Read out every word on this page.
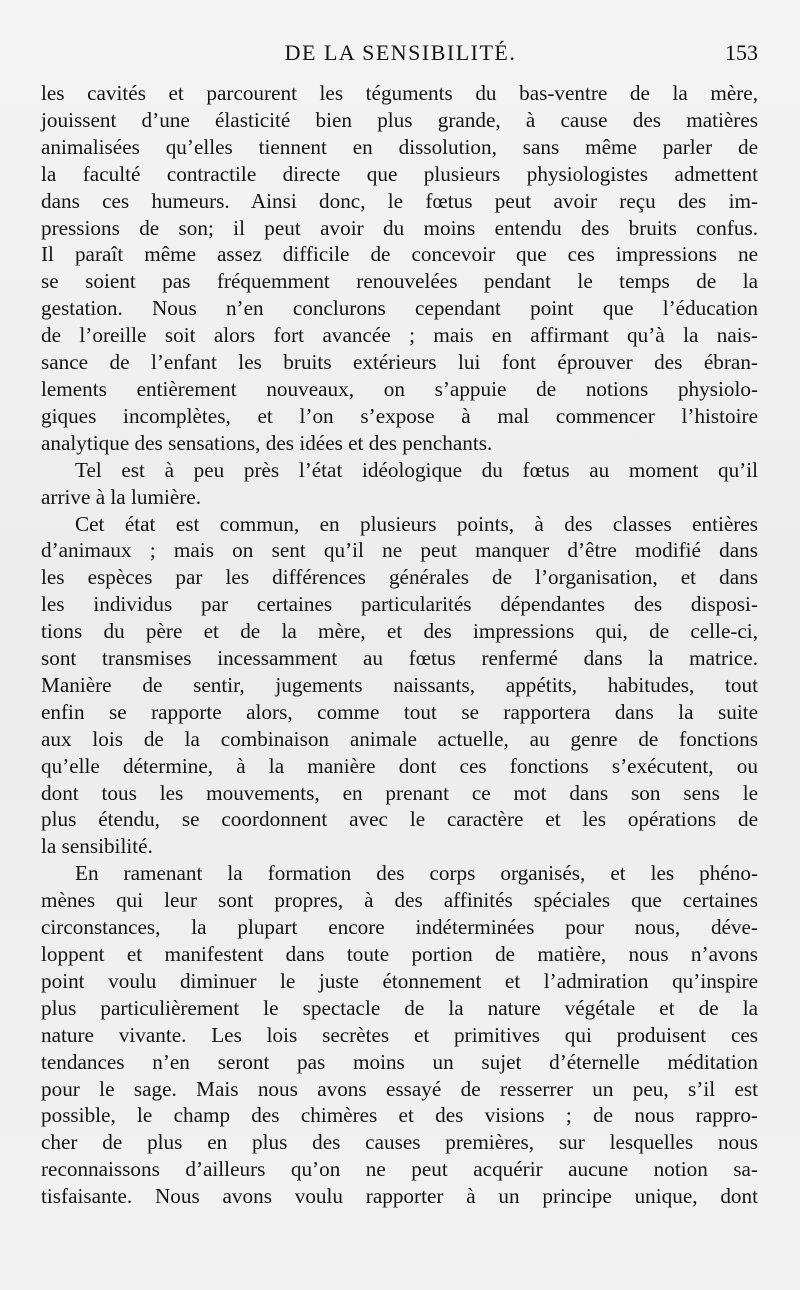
DE LA SENSIBILITÉ.	153

les cavités et parcourent les téguments du bas-ventre de la mère,
jouissent d’une élasticité bien plus grande, à cause des matières
animalisées qu’elles tiennent en dissolution, sans même parler de
la faculté contractile directe que plusieurs physiologistes admettent
dans ces humeurs. Ainsi donc, le fœtus peut avoir reçu des im-
pressions de son; il peut avoir du moins entendu des bruits confus.
Il paraît même assez difficile de concevoir que ces impressions ne
se soient pas fréquemment renouvelées pendant le temps de la
gestation. Nous n’en conclurons cependant point que l’éducation
de l’oreille soit alors fort avancée ; mais en affirmant qu’à la nais-
sance de l’enfant les bruits extérieurs lui font éprouver des ébran-
lements entièrement nouveaux, on s’appuie de notions physiolo-
giques incomplètes, et l’on s’expose à mal commencer l’histoire
analytique des sensations, des idées et des penchants.

Tel est à peu près l’état idéologique du fœtus au moment qu’il
arrive à la lumière.

Cet état est commun, en plusieurs points, à des classes entières
d’animaux ; mais on sent qu’il ne peut manquer d’être modifié dans
les espèces par les différences générales de l’organisation, et dans
les individus par certaines particularités dépendantes des disposi-
tions du père et de la mère, et des impressions qui, de celle-ci,
sont transmises incessamment au fœtus renfermé dans la matrice.
Manière de sentir, jugements naissants, appétits, habitudes, tout
enfin se rapporte alors, comme tout se rapportera dans la suite
aux lois de la combinaison animale actuelle, au genre de fonctions
qu’elle détermine, à la manière dont ces fonctions s’exécutent, ou
dont tous les mouvements, en prenant ce mot dans son sens le
plus étendu, se coordonnent avec le caractère et les opérations de
la sensibilité.

En ramenant la formation des corps organisés, et les phéno-
mènes qui leur sont propres, à des affinités spéciales que certaines
circonstances, la plupart encore indéterminées pour nous, déve-
loppent et manifestent dans toute portion de matière, nous n’avons
point voulu diminuer le juste étonnement et l’admiration qu’inspire
plus particulièrement le spectacle de la nature végétale et de la
nature vivante. Les lois secrètes et primitives qui produisent ces
tendances n’en seront pas moins un sujet d’éternelle méditation
pour le sage. Mais nous avons essayé de resserrer un peu, s’il est
possible, le champ des chimères et des visions ; de nous rappro-
cher de plus en plus des causes premières, sur lesquelles nous
reconnaissons d’ailleurs qu’on ne peut acquérir aucune notion sa-
tisfaisante. Nous avons voulu rapporter à un principe unique, dont
